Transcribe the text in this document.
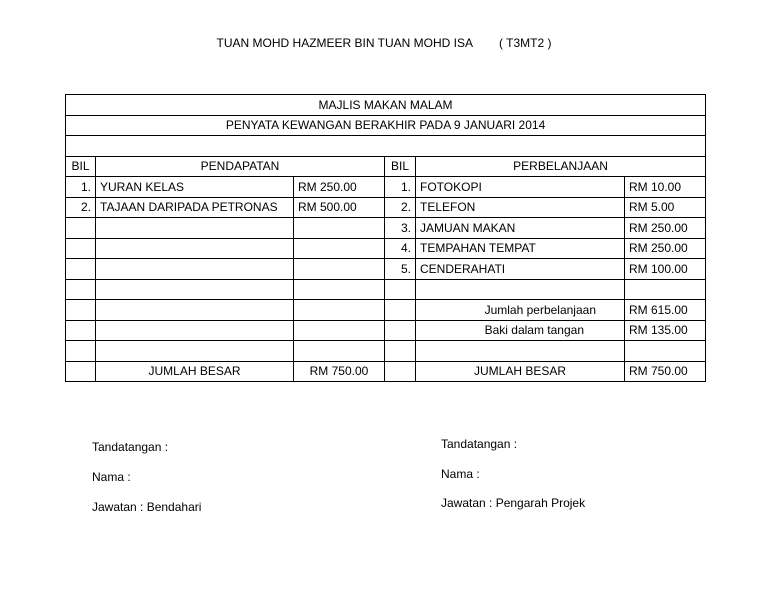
TUAN MOHD HAZMEER BIN TUAN MOHD ISA ( T3MT2 )
MAJLIS MAKAN MALAM					
PENYATA KEWANGAN BERAKHIR PADA 9 JANUARI 2014					

BIL	PENDAPATAN		BIL	PERBELANJAAN	
1.	YURAN KELAS	RM 250.00	1.	FOTOKOPI	RM 10.00
2.	TAJAAN DARIPADA PETRONAS	RM 500.00	2.	TELEFON	RM 5.00
			3.	JAMUAN MAKAN	RM 250.00
			4.	TEMPAHAN TEMPAT	RM 250.00
			5.	CENDERAHATI	RM 100.00

				Jumlah perbelanjaan	RM 615.00
				Baki dalam tangan	RM 135.00

	JUMLAH BESAR	RM 750.00		JUMLAH BESAR	RM 750.00
Tandatangan :
Nama :
Jawatan : Bendahari
Tandatangan :
Nama :
Jawatan : Pengarah Projek
